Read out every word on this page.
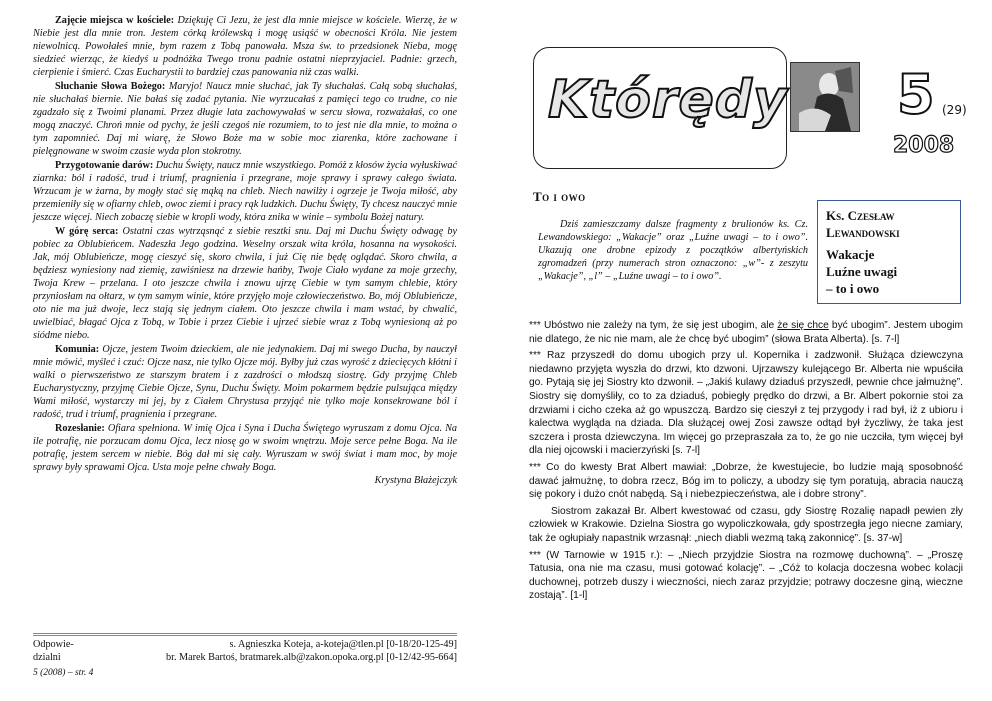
Zajęcie miejsca w kościele: Dziękuję Ci Jezu, że jest dla mnie miejsce w kościele. Wierzę, że w Niebie jest dla mnie tron. Jestem córką królewską i mogę usiąść w obecności Króla. Nie jestem niewolnicą. Powołałeś mnie, bym razem z Tobą panowała. Msza św. to przedsionek Nieba, mogę siedzieć wierząc, że kiedyś u podnóżka Twego tronu padnie ostatni nieprzyjaciel. Padnie: grzech, cierpienie i śmierć. Czas Eucharystii to bardziej czas panowania niż czas walki.

Słuchanie Słowa Bożego: Maryjo! Naucz mnie słuchać, jak Ty słuchałaś. Całą sobą słuchałaś, nie słuchałaś biernie. Nie bałaś się zadać pytania. Nie wyrzucałaś z pamięci tego co trudne, co nie zgadzało się z Twoimi planami. Przez długie lata zachowywałaś w sercu słowa, rozważałaś, co one mogą znaczyć. Chroń mnie od pychy, że jeśli czegoś nie rozumiem, to to jest nie dla mnie, to można o tym zapomnieć. Daj mi wiarę, że Słowo Boże ma w sobie moc ziarenka, które zachowane i pielęgnowane w swoim czasie wyda plon stokrotny.

Przygotowanie darów: Duchu Święty, naucz mnie wszystkiego. Pomóż z kłosów życia wyłuskiwać ziarnka: ból i radość, trud i triumf, pragnienia i przegrane, moje sprawy i sprawy całego świata. Wrzucam je w żarna, by mogły stać się mąką na chleb. Niech nawilży i ogrzeje je Twoja miłość, aby przemieniły się w ofiarny chleb, owoc ziemi i pracy rąk ludzkich. Duchu Święty, Ty chcesz nauczyć mnie jeszcze więcej. Niech zobaczę siebie w kropli wody, która znika w winie – symbolu Bożej natury.

W górę serca: Ostatni czas wytrząsnąć z siebie resztki snu. Daj mi Duchu Święty odwagę by pobiec za Oblubieńcem. Nadeszła Jego godzina. Weselny orszak wita króla, hosanna na wysokości. Jak, mój Oblubieńcze, mogę cieszyć się, skoro chwila, i już Cię nie będę oglądać. Skoro chwila, a będziesz wyniesiony nad ziemię, zawiśniesz na drzewie hańby, Twoje Ciało wydane za moje grzechy, Twoja Krew – przelana. I oto jeszcze chwila i znowu ujrzę Ciebie w tym samym chlebie, który przyniosłam na ołtarz, w tym samym winie, które przyjęło moje człowieczeństwo. Bo, mój Oblubieńcze, oto nie ma już dwoje, lecz stają się jednym ciałem. Oto jeszcze chwila i mam wstać, by chwalić, uwielbiać, błagać Ojca z Tobą, w Tobie i przez Ciebie i ujrzeć siebie wraz z Tobą wyniesioną aż po siódme niebo.

Komunia: Ojcze, jestem Twoim dzieckiem, ale nie jedynakiem. Daj mi swego Ducha, by nauczył mnie mówić, myśleć i czuć: Ojcze nasz, nie tylko Ojcze mój. Byłby już czas wyrość z dziecięcych kłótni i walki o pierwszeństwo ze starszym bratem i z zazdrości o młodszą siostrę. Gdy przyjmę Chleb Eucharystyczny, przyjmę Ciebie Ojcze, Synu, Duchu Święty. Moim pokarmem będzie pulsująca między Wami miłość, wystarczy mi jej, by z Ciałem Chrystusa przyjąć nie tylko moje konsekrowane ból i radość, trud i triumf, pragnienia i przegrane.

Rozesłanie: Ofiara spełniona. W imię Ojca i Syna i Ducha Świętego wyruszam z domu Ojca. Na ile potrafię, nie porzucam domu Ojca, lecz niosę go w swoim wnętrzu. Moje serce pełne Boga. Na ile potrafię, jestem sercem w niebie. Bóg dał mi się cały. Wyruszam w swój świat i mam moc, by moje sprawy były sprawami Ojca. Usta moje pełne chwały Boga.
Krystyna Błażejczyk

Odpowie-	s. Agnieszka Koteja, a-koteja@tlen.pl [0-18/20-125-49]
dzialni	br. Marek Bartoś, bratmarek.alb@zakon.opoka.org.pl [0-12/42-95-664]
5 (2008) – str. 4
Którędy 5 (29)
2008
To i owo
Dziś zamieszczamy dalsze fragmenty z brulionów ks. Cz. Lewandowskiego: „Wakacje” oraz „Luźne uwagi – to i owo”. Ukazują one drobne epizody z początków albertyńskich zgromadzeń (przy numerach stron oznaczono: „w”- z zeszytu „Wakacje”, „l” – „Luźne uwagi – to i owo”.
Ks. Czesław Lewandowski
Wakacje
Luźne uwagi
– to i owo

*** Ubóstwo nie zależy na tym, że się jest ubogim, ale że się chce być ubogim”. Jestem ubogim nie dlatego, że nic nie mam, ale że chcę być ubogim” (słowa Brata Alberta). [s. 7-l]

*** Raz przyszedł do domu ubogich przy ul. Kopernika i zadzwonił. Służąca dziewczyna niedawno przyjęta wyszła do drzwi, kto dzwoni. Ujrzawszy kulejącego Br. Alberta nie wpuściła go. Pytają się jej Siostry kto dzwonił. – „Jakiś kulawy dziaduś przyszedł, pewnie chce jałmużnę”. Siostry się domyśliły, co to za dziaduś, pobiegły prędko do drzwi, a Br. Albert pokornie stoi za drzwiami i cicho czeka aż go wpuszczą. Bardzo się cieszył z tej przygody i rad był, iż z ubioru i kalectwa wygląda na dziada. Dla służącej owej Zosi zawsze odtąd był życzliwy, że taka jest szczera i prosta dziewczyna. Im więcej go przepraszała za to, że go nie uczciła, tym więcej był dla niej ojcowski i macierzyński [s. 7-l]

*** Co do kwesty Brat Albert mawiał: „Dobrze, że kwestujecie, bo ludzie mają sposobność dawać jałmużnę, to dobra rzecz, Bóg im to policzy, a ubodzy się tym poratują, abracia nauczą się pokory i dużo cnót nabędą. Są i niebezpieczeństwa, ale i dobre strony”.

Siostrom zakazał Br. Albert kwestować od czasu, gdy Siostrę Rozalię napadł pewien zły człowiek w Krakowie. Dzielna Siostra go wypoliczkowała, gdy spostrzegła jego niecne zamiary, tak że ogłupiały napastnik wrzasnął: „niech diabli wezmą taką zakonnicę”. [s. 37-w]

*** (W Tarnowie w 1915 r.): – „Niech przyjdzie Siostra na rozmowę duchowną”. – „Proszę Tatusia, ona nie ma czasu, musi gotować kolację”. – „Cóż to kolacja doczesna wobec kolacji duchownej, potrzeb duszy i wieczności, niech zaraz przyjdzie; potrawy doczesne giną, wieczne zostają”. [1-l]
